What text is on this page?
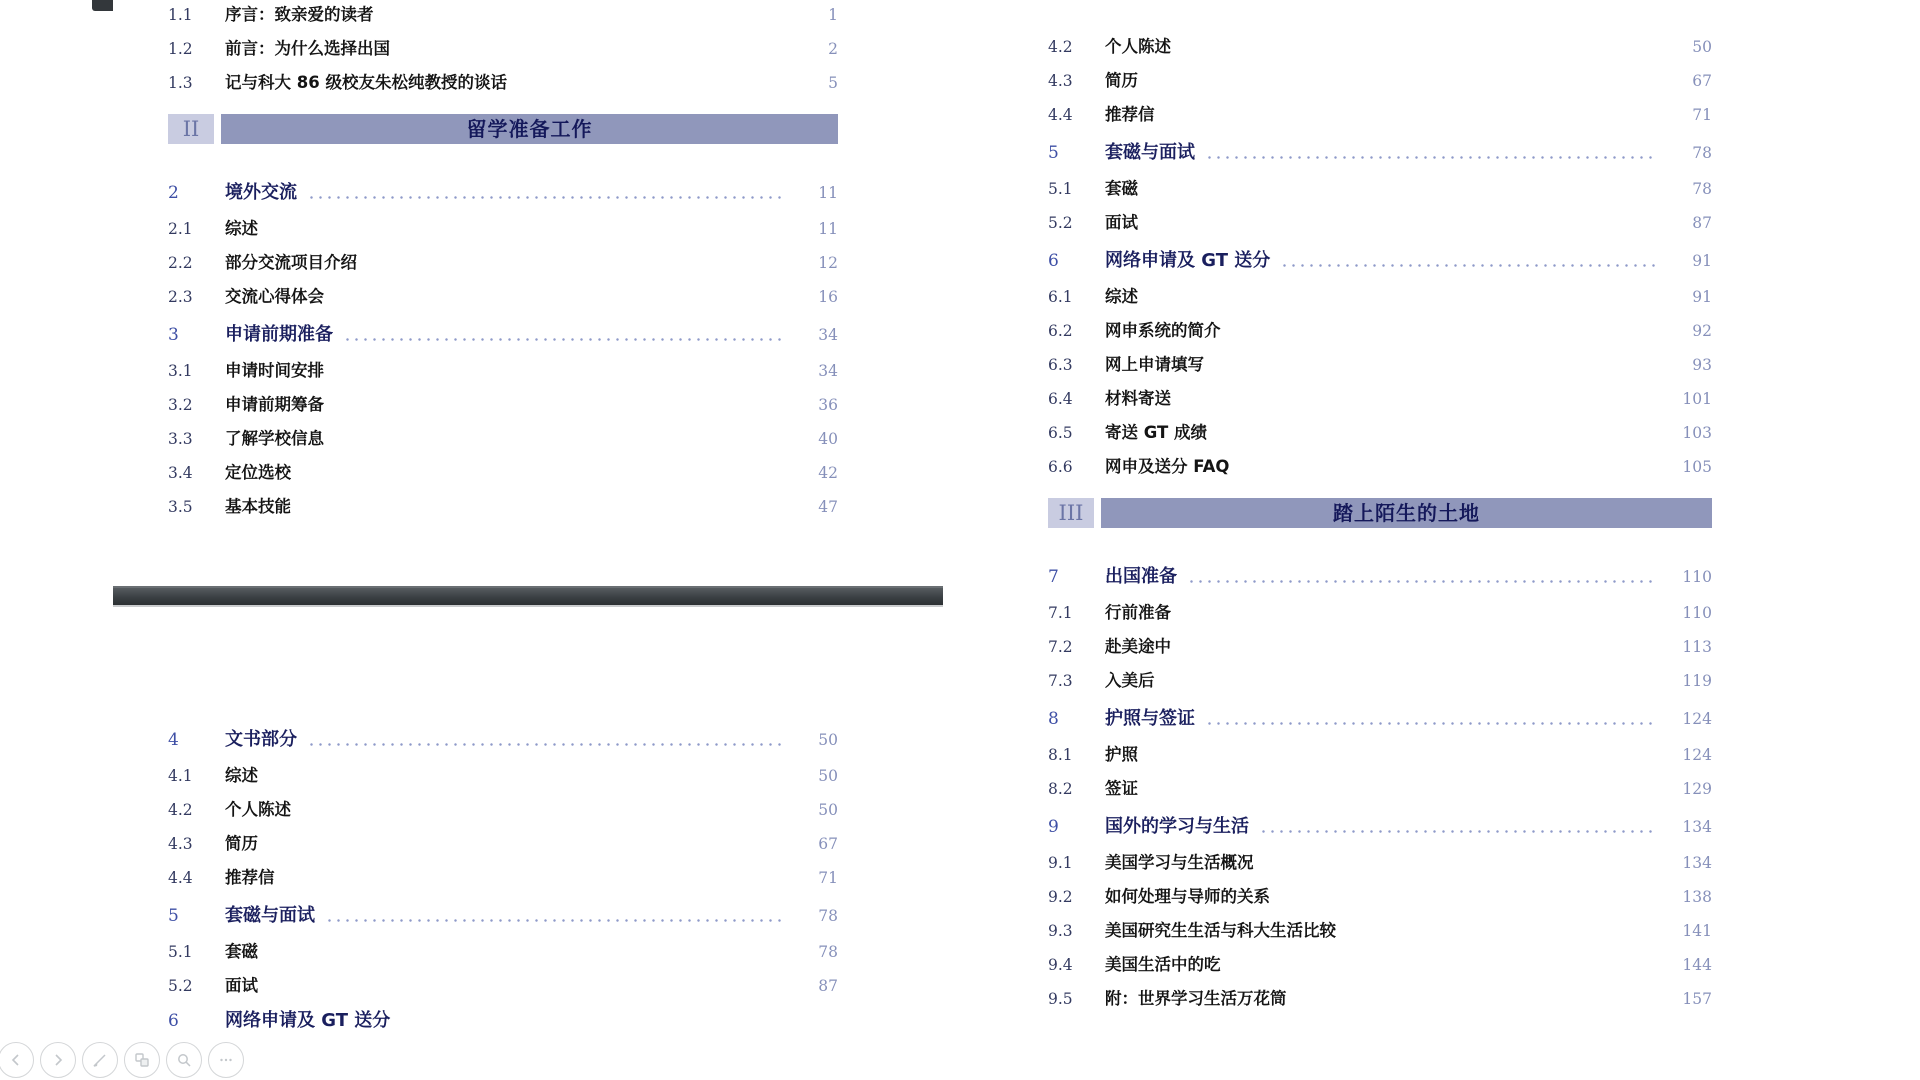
1.1	序言：致亲爱的读者	1
1.2	前言：为什么选择出国	2
1.3	记与科大 86 级校友朱松纯教授的谈话	5
II	留学准备工作
2	境外交流	11
2.1	综述	11
2.2	部分交流项目介绍	12
2.3	交流心得体会	16
3	申请前期准备	34
3.1	申请时间安排	34
3.2	申请前期筹备	36
3.3	了解学校信息	40
3.4	定位选校	42
3.5	基本技能	47
4	文书部分	50
4.1	综述	50
4.2	个人陈述	50
4.3	简历	67
4.4	推荐信	71
5	套磁与面试	78
5.1	套磁	78
5.2	面试	87
6	网络申请及 GT 送分
4.2	个人陈述	50
4.3	简历	67
4.4	推荐信	71
5	套磁与面试	78
5.1	套磁	78
5.2	面试	87
6	网络申请及 GT 送分	91
6.1	综述	91
6.2	网申系统的简介	92
6.3	网上申请填写	93
6.4	材料寄送	101
6.5	寄送 GT 成绩	103
6.6	网申及送分 FAQ	105
III	踏上陌生的土地
7	出国准备	110
7.1	行前准备	110
7.2	赴美途中	113
7.3	入美后	119
8	护照与签证	124
8.1	护照	124
8.2	签证	129
9	国外的学习与生活	134
9.1	美国学习与生活概况	134
9.2	如何处理与导师的关系	138
9.3	美国研究生生活与科大生活比较	141
9.4	美国生活中的吃	144
9.5	附：世界学习生活万花筒	157
